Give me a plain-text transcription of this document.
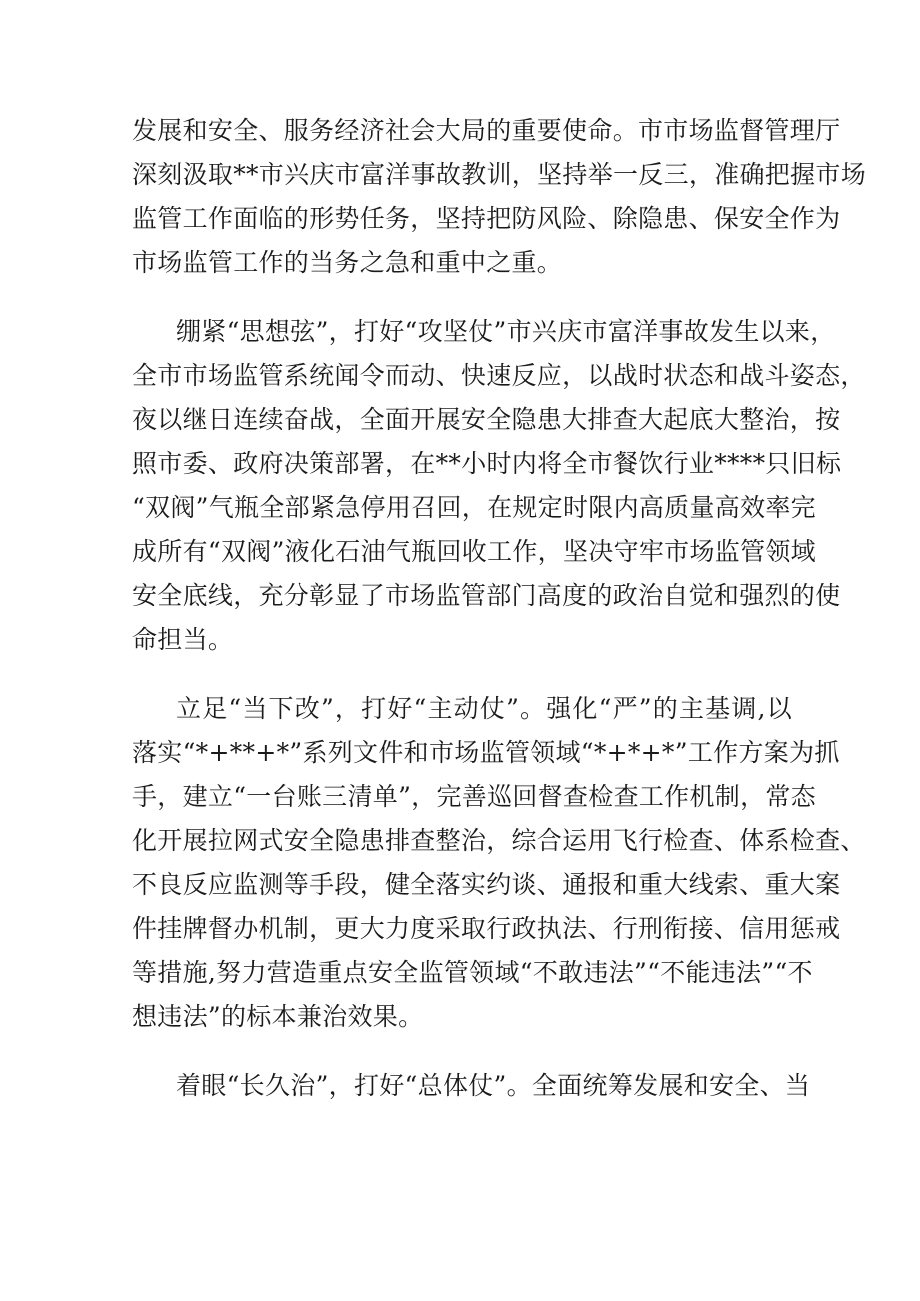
发展和安全、服务经济社会大局的重要使命。市市场监督管理厅
深刻汲取**市兴庆市富洋事故教训，坚持举一反三，准确把握市场
监管工作面临的形势任务，坚持把防风险、除隐患、保安全作为
市场监管工作的当务之急和重中之重。

绷紧“思想弦”，打好“攻坚仗”市兴庆市富洋事故发生以来，
全市市场监管系统闻令而动、快速反应，以战时状态和战斗姿态，
夜以继日连续奋战，全面开展安全隐患大排查大起底大整治，按
照市委、政府决策部署，在**小时内将全市餐饮行业****只旧标
“双阀”气瓶全部紧急停用召回，在规定时限内高质量高效率完
成所有“双阀”液化石油气瓶回收工作，坚决守牢市场监管领域
安全底线，充分彰显了市场监管部门高度的政治自觉和强烈的使
命担当。

立足“当下改”，打好“主动仗”。强化“严”的主基调,以
落实“*+**+*”系列文件和市场监管领域“*+*+*”工作方案为抓
手，建立“一台账三清单”，完善巡回督查检查工作机制，常态
化开展拉网式安全隐患排查整治，综合运用飞行检查、体系检查、
不良反应监测等手段，健全落实约谈、通报和重大线索、重大案
件挂牌督办机制，更大力度采取行政执法、行刑衔接、信用惩戒
等措施,努力营造重点安全监管领域“不敢违法”“不能违法”“不
想违法”的标本兼治效果。

着眼“长久治”，打好“总体仗”。全面统筹发展和安全、当
